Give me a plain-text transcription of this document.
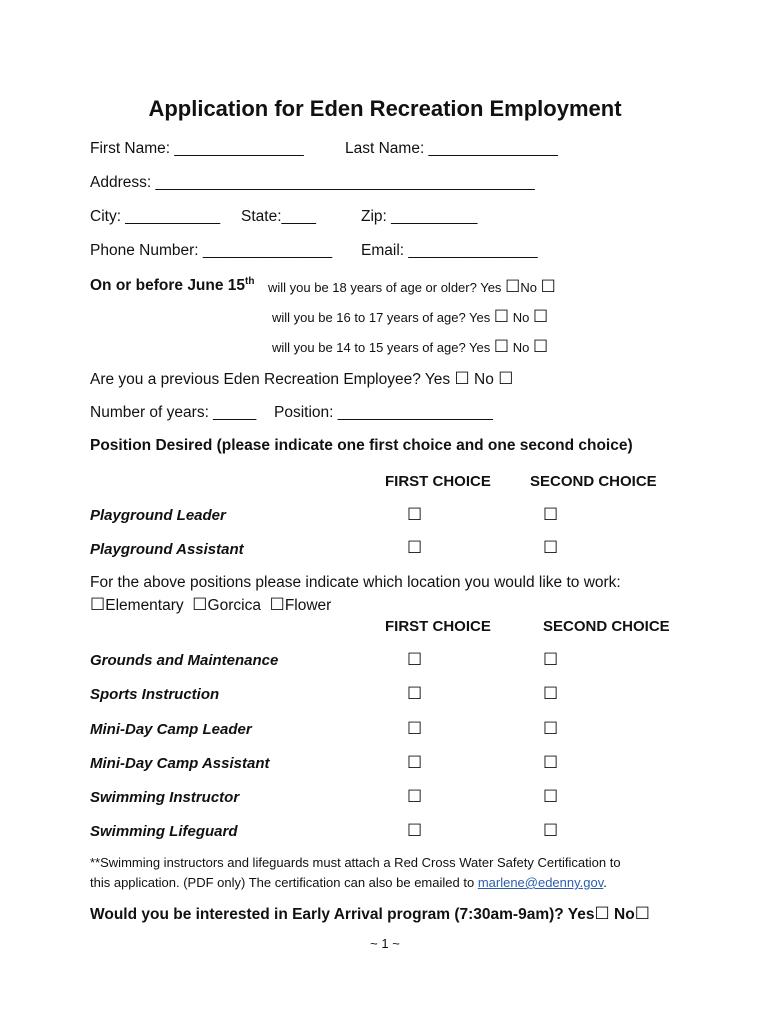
Application for Eden Recreation Employment
First Name: _______________	Last Name: _______________
Address: ____________________________________________
City: ___________ State:____	Zip: __________
Phone Number: _______________ Email: _______________
On or before June 15th will you be 18 years of age or older? Yes ☐No ☐
will you be 16 to 17 years of age? Yes ☐ No ☐
will you be 14 to 15 years of age? Yes ☐ No ☐
Are you a previous Eden Recreation Employee? Yes ☐ No ☐
Number of years: _____ Position: __________________
Position Desired (please indicate one first choice and one second choice)
FIRST CHOICE	SECOND CHOICE
Playground Leader	☐	☐
Playground Assistant	☐	☐
For the above positions please indicate which location you would like to work:
☐Elementary ☐Gorcica ☐Flower
FIRST CHOICE	SECOND CHOICE
Grounds and Maintenance	☐	☐
Sports Instruction	☐	☐
Mini-Day Camp Leader	☐	☐
Mini-Day Camp Assistant	☐	☐
Swimming Instructor	☐	☐
Swimming Lifeguard	☐	☐
**Swimming instructors and lifeguards must attach a Red Cross Water Safety Certification to
this application. (PDF only) The certification can also be emailed to marlene@edenny.gov.
Would you be interested in Early Arrival program (7:30am-9am)? Yes☐ No☐
~ 1 ~
